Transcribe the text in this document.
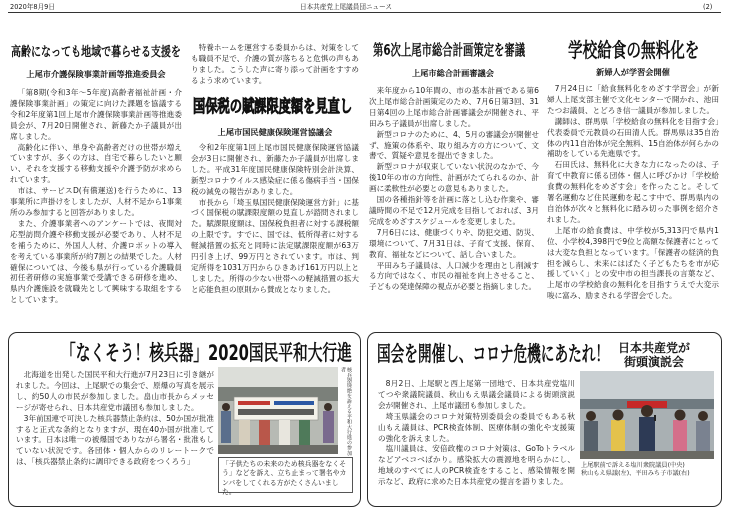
2020年8月9日	日本共産党上尾議員団ニュース	(2)
高齢になっても地域で暮らせる支援を
上尾市介護保険事業計画等推進委員会

「第8期(令和3年〜5年度)高齢者福祉計画・介護保険事業計画」の策定に向けた課題を協議する令和2年度第1回上尾市介護保険事業計画等推進委員会が、7月20日開催され、新藤たか子議員が出席しました。

高齢化に伴い、単身や高齢者だけの世帯が増えていますが、多くの方は、自宅で暮らしたいと願い、それを支援する移動支援や介護予防が求められています。

市は、サービスD(有償運送)を行うために、13事業所に声掛けをしましたが、人材不足から1事業所のみ参加すると回答がありました。

また、介護事業者へのアンケートでは、夜間対応型訪問介護や移動支援が必要であり、人材不足を補うために、外国人人材、介護ロボットの導入を考えている事業所が約7割との結果でした。人材確保については、今後も県が行っている介護職員初任者研修の実施事業で受講できる研修を進め、県内介護施設を就職先として興味する取組をするとしています。

特養ホームを運営する委員からは、対策をしても職員不足で、介護の質が落ちると危惧の声もありました。こうした声に寄り添って計画をすすめるよう求めています。

国保税の賦課限度額を見直し
上尾市国民健康保険運営協議会

令和2年度第1回上尾市国民健康保険運営協議会が3日に開催され、新藤たか子議員が出席しました。平成31年度国民健康保険特別会計決算、新型コロナウイルス感染症に係る傷病手当・国保税の減免の報告がありました。

市長から「埼玉県国民健康保険運営方針」に基づく国保税の賦課限度額の見直しが諮問されました。賦課限度額は、国保税負担者に対する課税額の上限です。すでに、国では、低所得者に対する軽減措置の拡充と同時に法定賦課限度額が63万円引き上げ、99万円とされています。市は、判定所得を1031万円からひきあげ161万円以上としました。所得の少ない世帯への軽減措置の拡大と応能負担の原則から賛成となりました。

第6次上尾市総合計画策定を審議
上尾市総合計画審議会

来年度から10年間の、市の基本計画である第6次上尾市総合計画策定のため、7月6日第3回、31日第4回の上尾市総合計画審議会が開催され、平田みち子議員が出席しました。

新型コロナのために、4、5月の審議会が開催せず、施策の体系や、取り組み方の方について、文書で、質疑や意見を提出できました。

新型コロナが収束していない状況のなかで、今後10年の市の方向性、計画がたてられるのか、計画に柔軟性が必要との意見もありました。

国の各種指針等を計画に落とし込む作業や、審議時間の不足で12月完成を目指しておれば、3月完成をめざすスケジュールを変更しました。

7月6日には、健康づくりや、防犯交通、防災、環境について、7月31日は、子育て支援、保育、教育、福祉などについて、話し合いました。

平田みち子議員は、人口減少を理由とし削減する方向ではなく、市民の福祉を向上させること、子どもの発達保障の視点が必要と指摘しました。

学校給食の無料化を
新婦人が学習会開催

7月24日に「給食無料化をめざす学習会」が新婦人上尾支部主催で文化センターで開かれ、池田たつお議員、とどろき信一議員が参加しました。

講師は、群馬県「学校給食の無料化を目指す会」代表委員で元教員の石田清人氏。群馬県は35自治体の内11自治体が完全無料、15自治体が何らかの補助をしている先進県です。

石田氏は、無料化に大きな力になったのは、子育て中教育に係る団体・個人に呼びかけ「学校給食費の無料化をめざす会」を作ったこと。そして署名運動など住民運動を起こす中で、群馬県内の自治体が次々と無料化に踏み切った事例を紹介されました。

上尾市の給食費は、中学校が5,313円で県内1位、小学校4,398円で9位と高額な保護者にとっては大変な負担となっています。「保護者の経済的負担を減らし、未来にはばたく子どもたちを市が応援していく」との安中市の担当課長の言葉など、上尾市の学校給食の無料化を目指すうえで大変示唆に富み、励まされる学習会でした。

「なくそう！核兵器」2020国民平和大行進

北海道を出発した国民平和大行進が7月23日に引き継がれました。今回は、上尾駅での集会で、原爆の写真を展示し、約50人の市民が参加しました。畠山市長からメッセージが寄せられ、日本共産党市議団も参加しました。

3年前国連で可決した核兵器禁止条約は、50か国が批准すると正式な条約となりますが、現在40か国が批准しています。日本は唯一の被爆国でありながら署名・批准もしていない状況です。各団体・個人からのリレートークでは、「核兵器禁止条約に調印できる政府をつくろう」

核兵器廃絶を訴える平和大行進の参加者
「子供たちの未来のため核兵器をなくそう」などを訴え、立ち止まって署名やカンパをしてくれる方がたくさんいました。
国会を開催し、コロナ危機にあたれ！ 日本共産党が
街頭演説会

8月2日、上尾駅と西上尾第一団地で、日本共産党塩川てつや衆議院議員、秋山もえ県議会議員による街頭演説会が開催され、上尾市議団も参加しました。

埼玉県議会のコロナ対策特別委員会の委員でもある秋山もえ議員は、PCR検査体制、医療体制の強化や支援策の強化を訴えました。

塩川議員は、安倍政権のコロナ対策は、GoToトラベルなどアベコベばかり。感染拡大の震源地を明らかにし、地域のすべてに人のPCR検査をすること、感染情報を開示など、政府に求めた日本共産党の提言を語りました。

上尾駅前で訴える塩川衆院議員(中央)
秋山もえ県議(左)、平田みち子市議(右)
